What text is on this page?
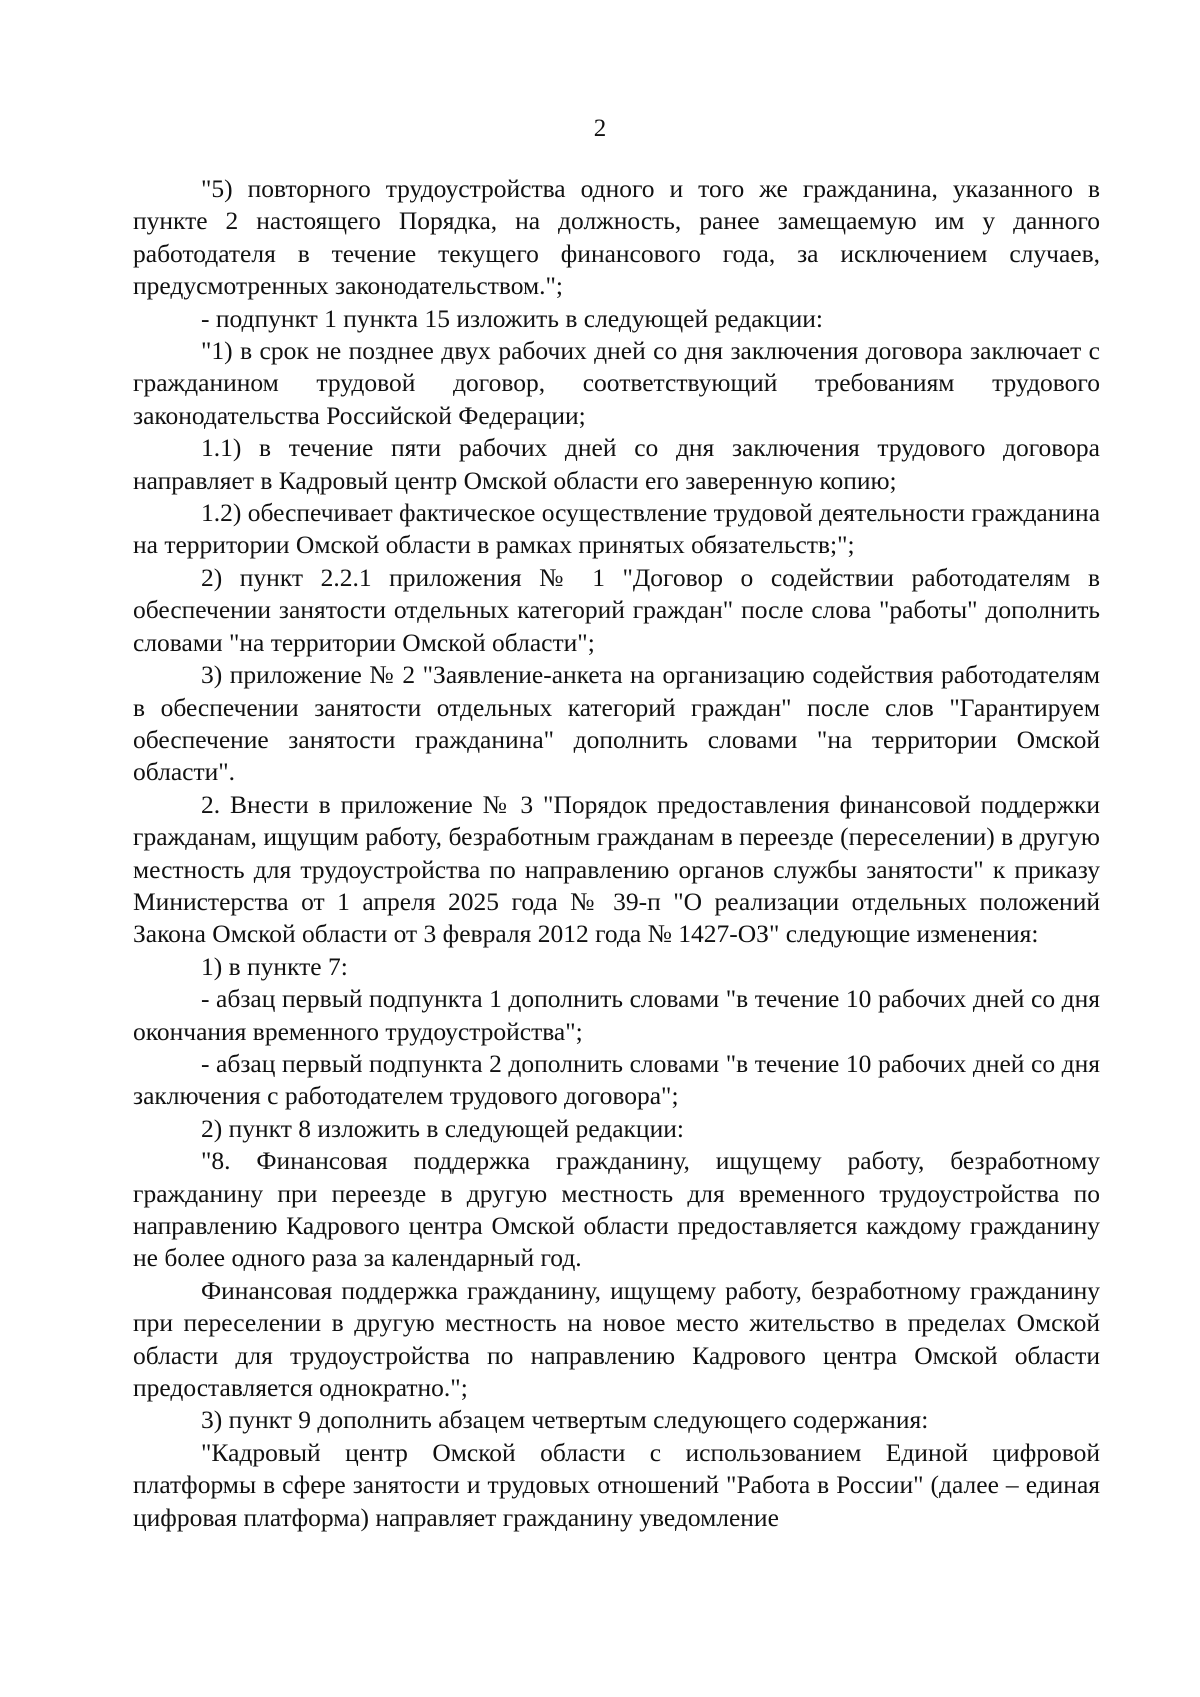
2

"5) повторного трудоустройства одного и того же гражданина, указанного в пункте 2 настоящего Порядка, на должность, ранее замещаемую им у данного работодателя в течение текущего финансового года, за исключением случаев, предусмотренных законодательством.";

- подпункт 1 пункта 15 изложить в следующей редакции:

"1) в срок не позднее двух рабочих дней со дня заключения договора заключает с гражданином трудовой договор, соответствующий требованиям трудового законодательства Российской Федерации;

1.1) в течение пяти рабочих дней со дня заключения трудового договора направляет в Кадровый центр Омской области его заверенную копию;

1.2) обеспечивает фактическое осуществление трудовой деятельности гражданина на территории Омской области в рамках принятых обязательств;";

2) пункт 2.2.1 приложения № 1 "Договор о содействии работодателям в обеспечении занятости отдельных категорий граждан" после слова "работы" дополнить словами "на территории Омской области";

3) приложение № 2 "Заявление-анкета на организацию содействия работодателям в обеспечении занятости отдельных категорий граждан" после слов "Гарантируем обеспечение занятости гражданина" дополнить словами "на территории Омской области".

2. Внести в приложение № 3 "Порядок предоставления финансовой поддержки гражданам, ищущим работу, безработным гражданам в переезде (переселении) в другую местность для трудоустройства по направлению органов службы занятости" к приказу Министерства от 1 апреля 2025 года № 39-п "О реализации отдельных положений Закона Омской области от 3 февраля 2012 года № 1427-ОЗ" следующие изменения:

1) в пункте 7:

- абзац первый подпункта 1 дополнить словами "в течение 10 рабочих дней со дня окончания временного трудоустройства";

- абзац первый подпункта 2 дополнить словами "в течение 10 рабочих дней со дня заключения с работодателем трудового договора";

2) пункт 8 изложить в следующей редакции:

"8. Финансовая поддержка гражданину, ищущему работу, безработному гражданину при переезде в другую местность для временного трудоустройства по направлению Кадрового центра Омской области предоставляется каждому гражданину не более одного раза за календарный год.

Финансовая поддержка гражданину, ищущему работу, безработному гражданину при переселении в другую местность на новое место жительство в пределах Омской области для трудоустройства по направлению Кадрового центра Омской области предоставляется однократно.";

3) пункт 9 дополнить абзацем четвертым следующего содержания:

"Кадровый центр Омской области с использованием Единой цифровой платформы в сфере занятости и трудовых отношений "Работа в России" (далее – единая цифровая платформа) направляет гражданину уведомление
